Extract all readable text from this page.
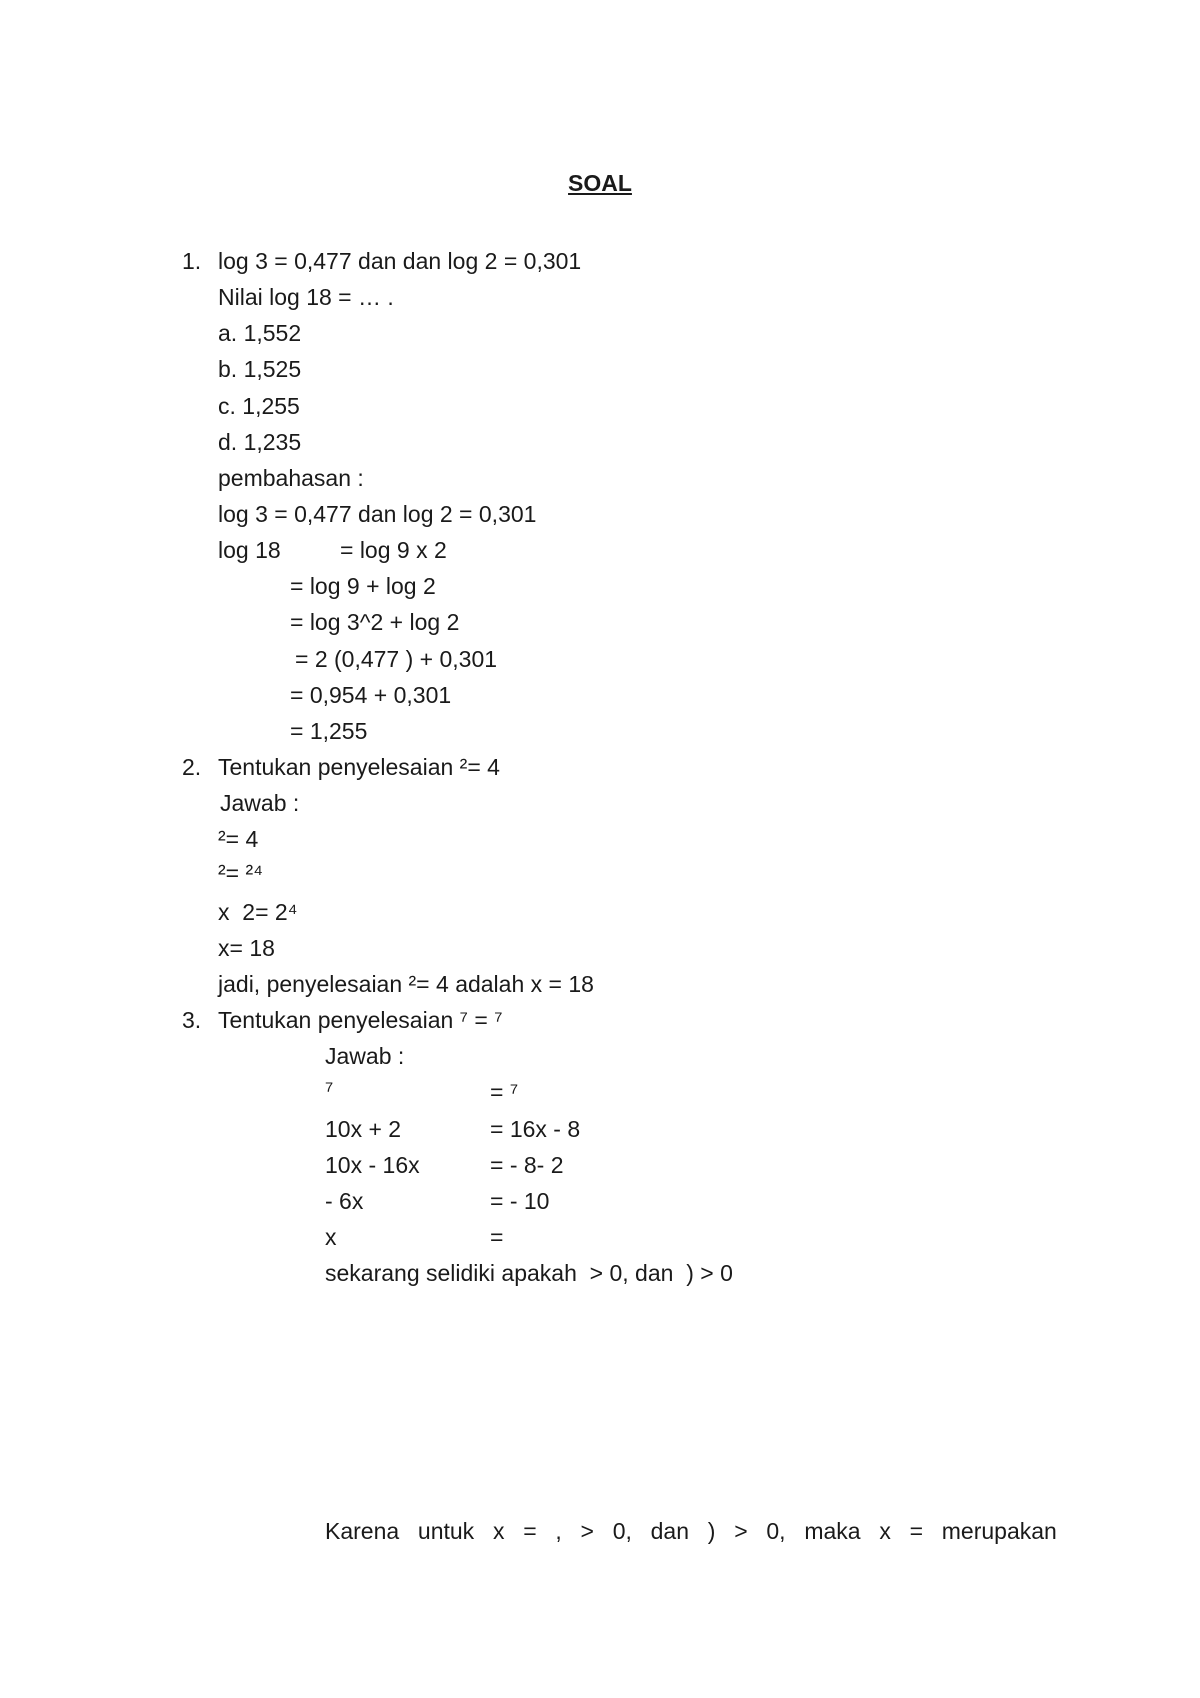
SOAL
1. log 3 = 0,477 dan dan log 2 = 0,301
Nilai log 18 = … .
a. 1,552
b. 1,525
c. 1,255
d. 1,235
pembahasan :
log 3 = 0,477 dan log 2 = 0,301
log 18	= log 9 x 2
= log 9 + log 2
= log 3^2 + log 2
= 2 (0,477 ) + 0,301
= 0,954 + 0,301
= 1,255
2. Tentukan penyelesaian ²= 4
Jawab :
²= 4
²= ²⁴
x  2= 2⁴
x= 18
jadi, penyelesaian ²= 4 adalah x = 18
3. Tentukan penyelesaian ⁷ = ⁷
Jawab :
⁷	= ⁷
10x + 2	= 16x - 8
10x - 16x	= - 8- 2
- 6x	= - 10
x	=
sekarang selidiki apakah  > 0, dan  ) > 0
Karena untuk x = , > 0, dan ) > 0, maka x = merupakan
